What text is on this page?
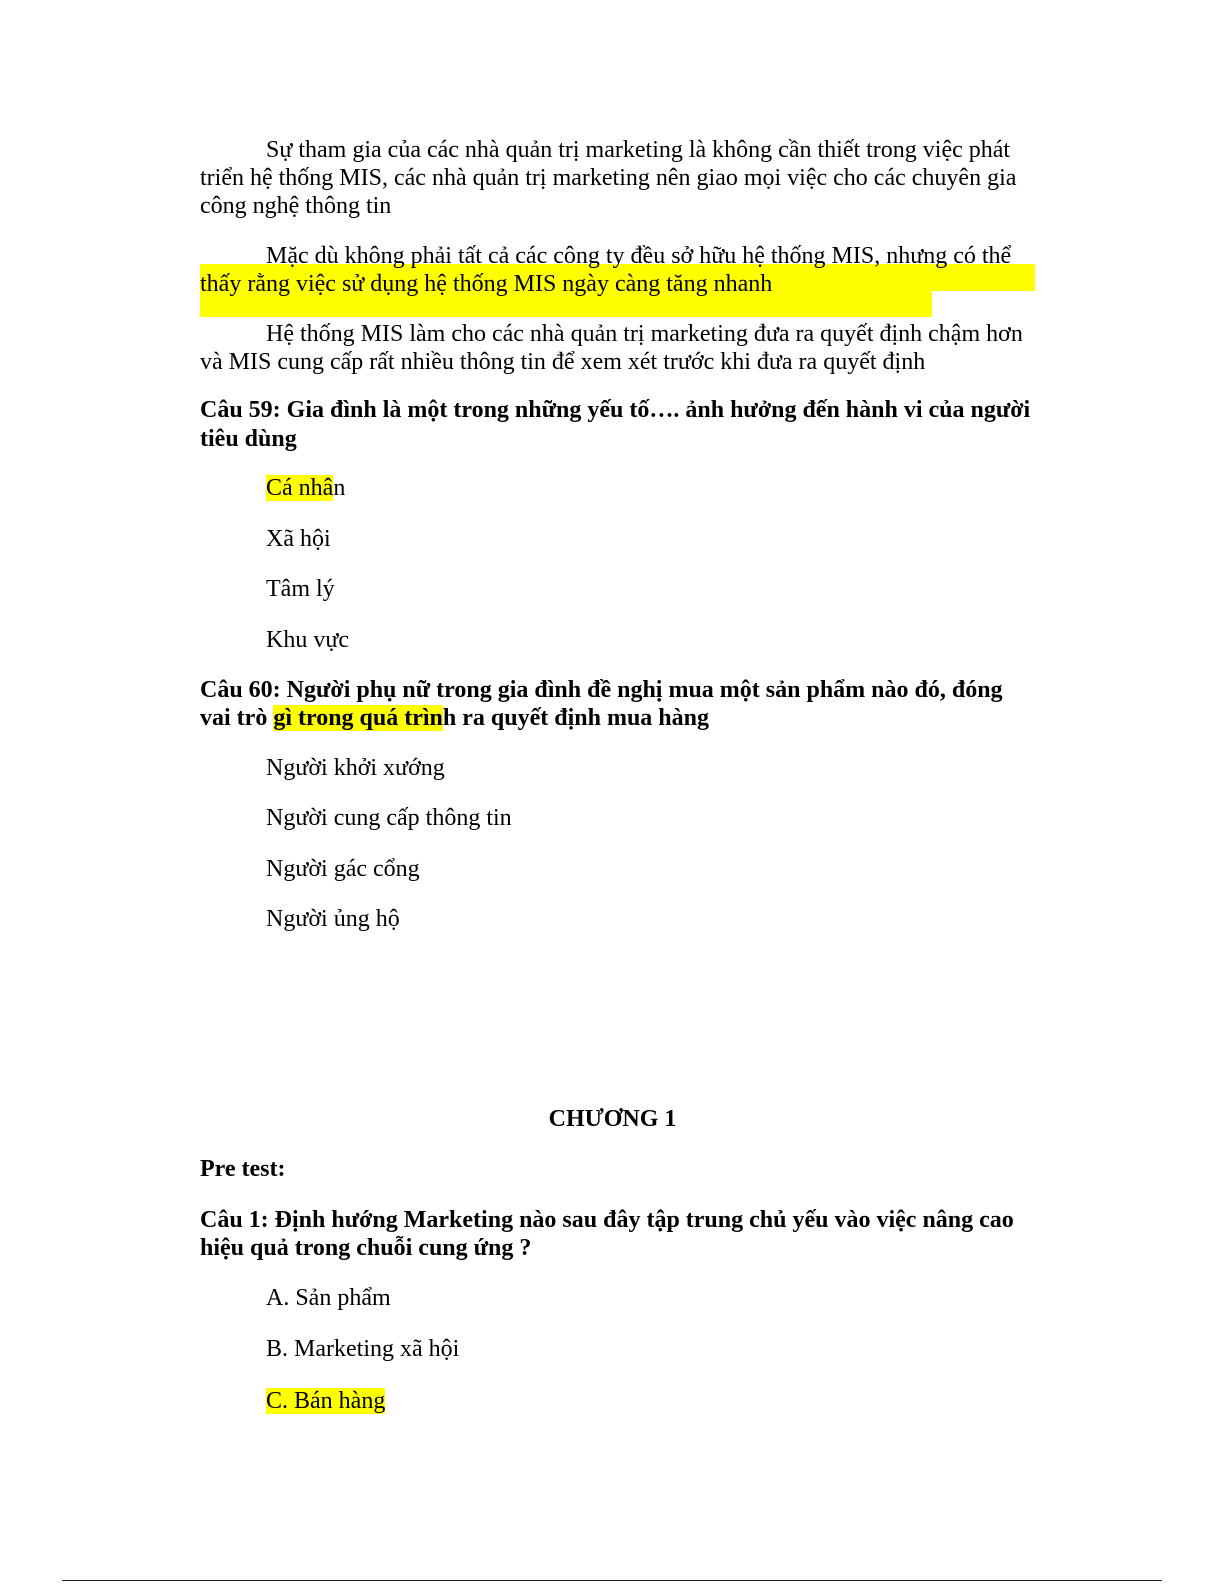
Sự tham gia của các nhà quản trị marketing là không cần thiết trong việc phát
triển hệ thống MIS, các nhà quản trị marketing nên giao mọi việc cho các chuyên gia
công nghệ thông tin
Mặc dù không phải tất cả các công ty đều sở hữu hệ thống MIS, nhưng có thể
thấy rằng việc sử dụng hệ thống MIS ngày càng tăng nhanh
Hệ thống MIS làm cho các nhà quản trị marketing đưa ra quyết định chậm hơn
và MIS cung cấp rất nhiều thông tin để xem xét trước khi đưa ra quyết định
Câu 59: Gia đình là một trong những yếu tố…. ảnh hưởng đến hành vi của người
tiêu dùng
Cá nhân
Xã hội
Tâm lý
Khu vực
Câu 60: Người phụ nữ trong gia đình đề nghị mua một sản phẩm nào đó, đóng
vai trò gì trong quá trình ra quyết định mua hàng
Người khởi xướng
Người cung cấp thông tin
Người gác cổng
Người ủng hộ
CHƯƠNG 1
Pre test:
Câu 1: Định hướng Marketing nào sau đây tập trung chủ yếu vào việc nâng cao
hiệu quả trong chuỗi cung ứng ?
A. Sản phẩm
B. Marketing xã hội
C. Bán hàng
